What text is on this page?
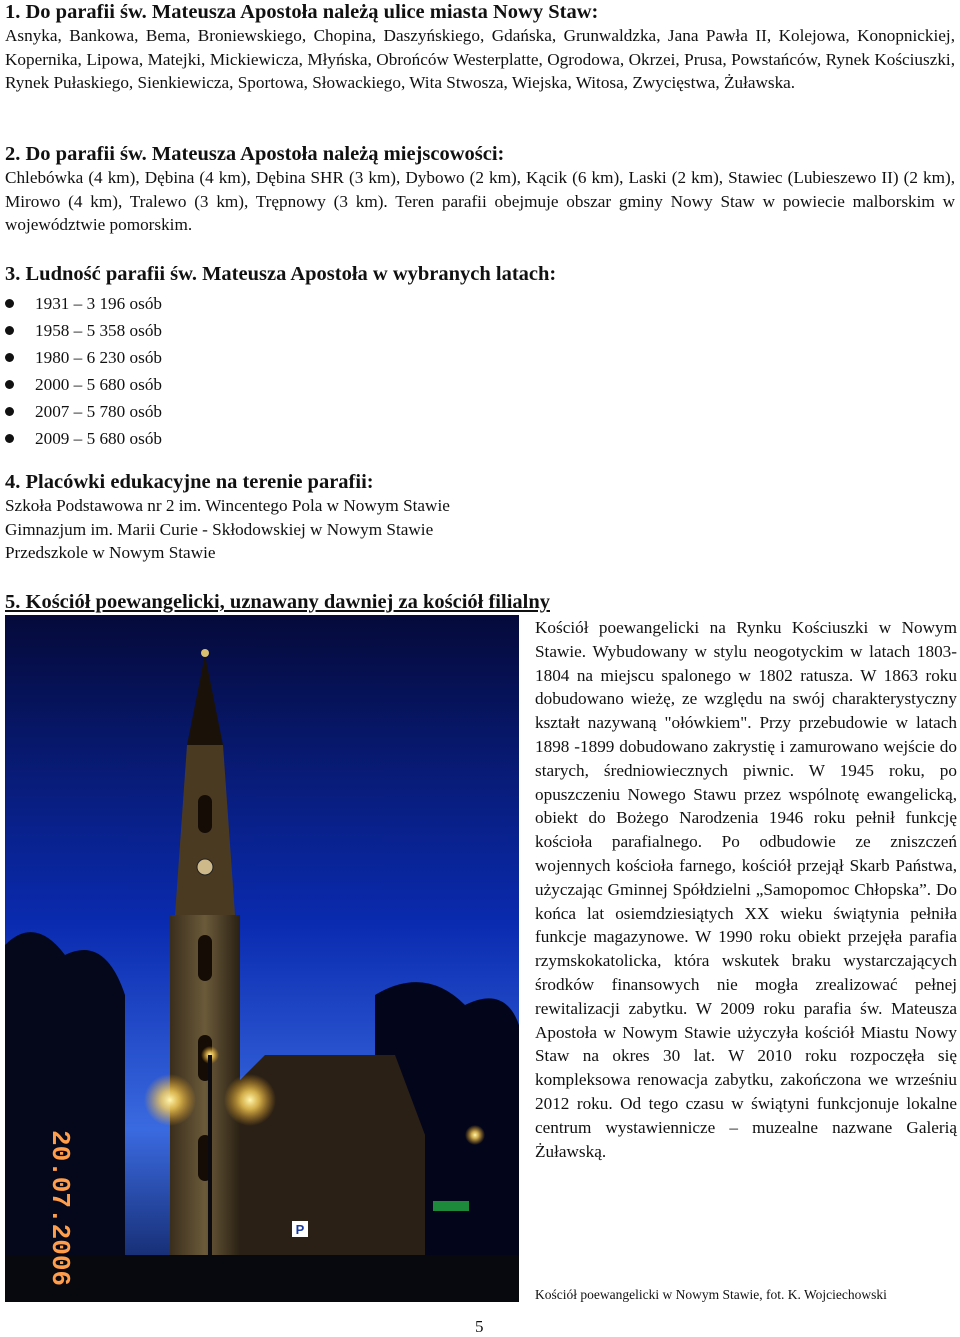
1. Do parafii św. Mateusza Apostoła należą ulice miasta Nowy Staw:

Asnyka, Bankowa, Bema, Broniewskiego, Chopina, Daszyńskiego, Gdańska, Grunwaldzka, Jana Pawła II, Kolejowa, Konopnickiej, Kopernika, Lipowa, Matejki, Mickiewicza, Młyńska, Obrońców Westerplatte, Ogrodowa, Okrzei, Prusa, Powstańców, Rynek Kościuszki, Rynek Pułaskiego, Sienkiewicza, Sportowa, Słowackiego, Wita Stwosza, Wiejska, Witosa, Zwycięstwa, Żuławska.

2. Do parafii św. Mateusza Apostoła należą miejscowości:

Chlebówka (4 km), Dębina (4 km), Dębina SHR (3 km), Dybowo (2 km), Kącik (6 km), Laski (2 km), Stawiec (Lubieszewo II) (2 km), Mirowo (4 km), Tralewo (3 km), Trępnowy (3 km). Teren parafii obejmuje obszar gminy Nowy Staw w powiecie malborskim w województwie pomorskim.

3. Ludność parafii św. Mateusza Apostoła w wybranych latach:
1931 – 3 196 osób
1958 – 5 358 osób
1980 – 6 230 osób
2000 – 5 680 osób
2007 – 5 780 osób
2009 – 5 680 osób
4. Placówki edukacyjne na terenie parafii:

Szkoła Podstawowa nr 2 im. Wincentego Pola w Nowym Stawie

Gimnazjum im. Marii Curie - Skłodowskiej w Nowym Stawie

Przedszkole w Nowym Stawie

5. Kościół poewangelicki, uznawany dawniej za kościół filialny
P
20.07.2006
Kościół poewangelicki na Rynku Kościuszki w Nowym Stawie. Wybudowany w stylu neogotyckim w latach 1803-1804 na miejscu spalonego w 1802 ratusza. W 1863 roku dobudowano wieżę, ze względu na swój charakterystyczny kształt nazywaną "ołówkiem". Przy przebudowie w latach 1898 -1899 dobudowano zakrystię i zamurowano wejście do starych, średniowiecznych piwnic. W 1945 roku, po opuszczeniu Nowego Stawu przez wspólnotę ewangelicką, obiekt do Bożego Narodzenia 1946 roku pełnił funkcję kościoła parafialnego. Po odbudowie ze zniszczeń wojennych kościoła farnego, kościół przejął Skarb Państwa, użyczając Gminnej Spółdzielni „Samopomoc Chłopska”. Do końca lat osiemdziesiątych XX wieku świątynia pełniła funkcje magazynowe. W 1990 roku obiekt przejęła parafia rzymskokatolicka, która wskutek braku wystarczających środków finansowych nie mogła zrealizować pełnej rewitalizacji zabytku. W 2009 roku parafia św. Mateusza Apostoła w Nowym Stawie użyczyła kościół Miastu Nowy Staw na okres 30 lat. W 2010 roku rozpoczęła się kompleksowa renowacja zabytku, zakończona we wrześniu 2012 roku. Od tego czasu w świątyni funkcjonuje lokalne centrum wystawiennicze – muzealne nazwane Galerią Żuławską.
Kościół poewangelicki w Nowym Stawie, fot. K. Wojciechowski
5
